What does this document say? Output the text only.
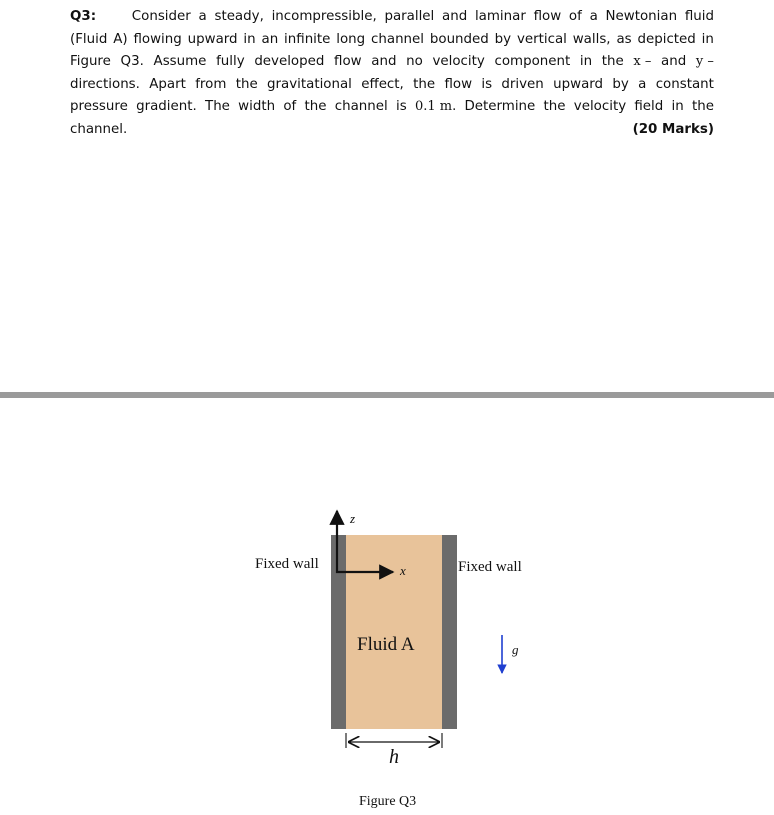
Q3:	Consider a steady, incompressible, parallel and laminar flow of a Newtonian fluid
(Fluid A) flowing upward in an infinite long channel bounded by vertical walls, as depicted in
Figure Q3. Assume fully developed flow and no velocity component in the x – and y –
directions. Apart from the gravitational effect, the flow is driven upward by a constant
pressure gradient. The width of the channel is 0.1 m. Determine the velocity field in the
channel.	(20 Marks)
Fixed wall	Fixed wall
Fluid A
z
x
g
h
Figure Q3
